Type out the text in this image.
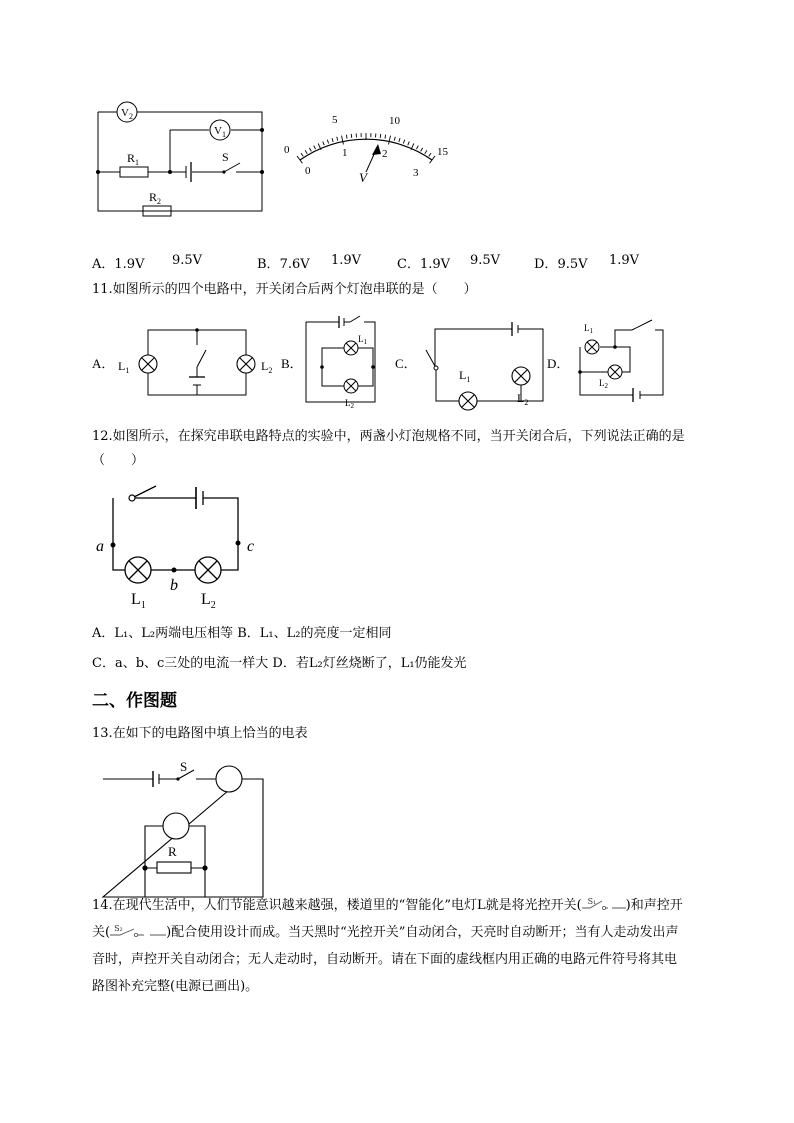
$V_2$
$V_1$
$R_1$	S
$R_2$
0
5	10
15
0
1	2
3
V
A．1.9V 9.5V	B．7.6V 1.9V	C．1.9V 9.5V	D．9.5V 1.9V
11.如图所示的四个电路中，开关闭合后两个灯泡串联的是（　　）
A． $L_1$	$L_2$ B．
$L_1$
$L_2$
C．
$L_1$
$L_2$
D．
$L_1$
$L_2$
12.如图所示，在探究串联电路特点的实验中，两盏小灯泡规格不同，当开关闭合后，下列说法正确的是
（　　）
a	c
b
$L_1$	$L_2$
A．L₁、L₂两端电压相等 B．L₁、L₂的亮度一定相同
C．a、b、c三处的电流一样大 D．若L₂灯丝烧断了，L₁仍能发光
二、作图题
13.在如下的电路图中填上恰当的电表
S
R
14.在现代生活中，人们节能意识越来越强，楼道里的“智能化”电灯L就是将光控开关( S₁ )和声控开
关( S₂	)配合使用设计而成。当天黑时“光控开关”自动闭合，天亮时自动断开；当有人走动发出声
音时，声控开关自动闭合；无人走动时，自动断开。请在下面的虚线框内用正确的电路元件符号将其电
路图补充完整(电源已画出)。
